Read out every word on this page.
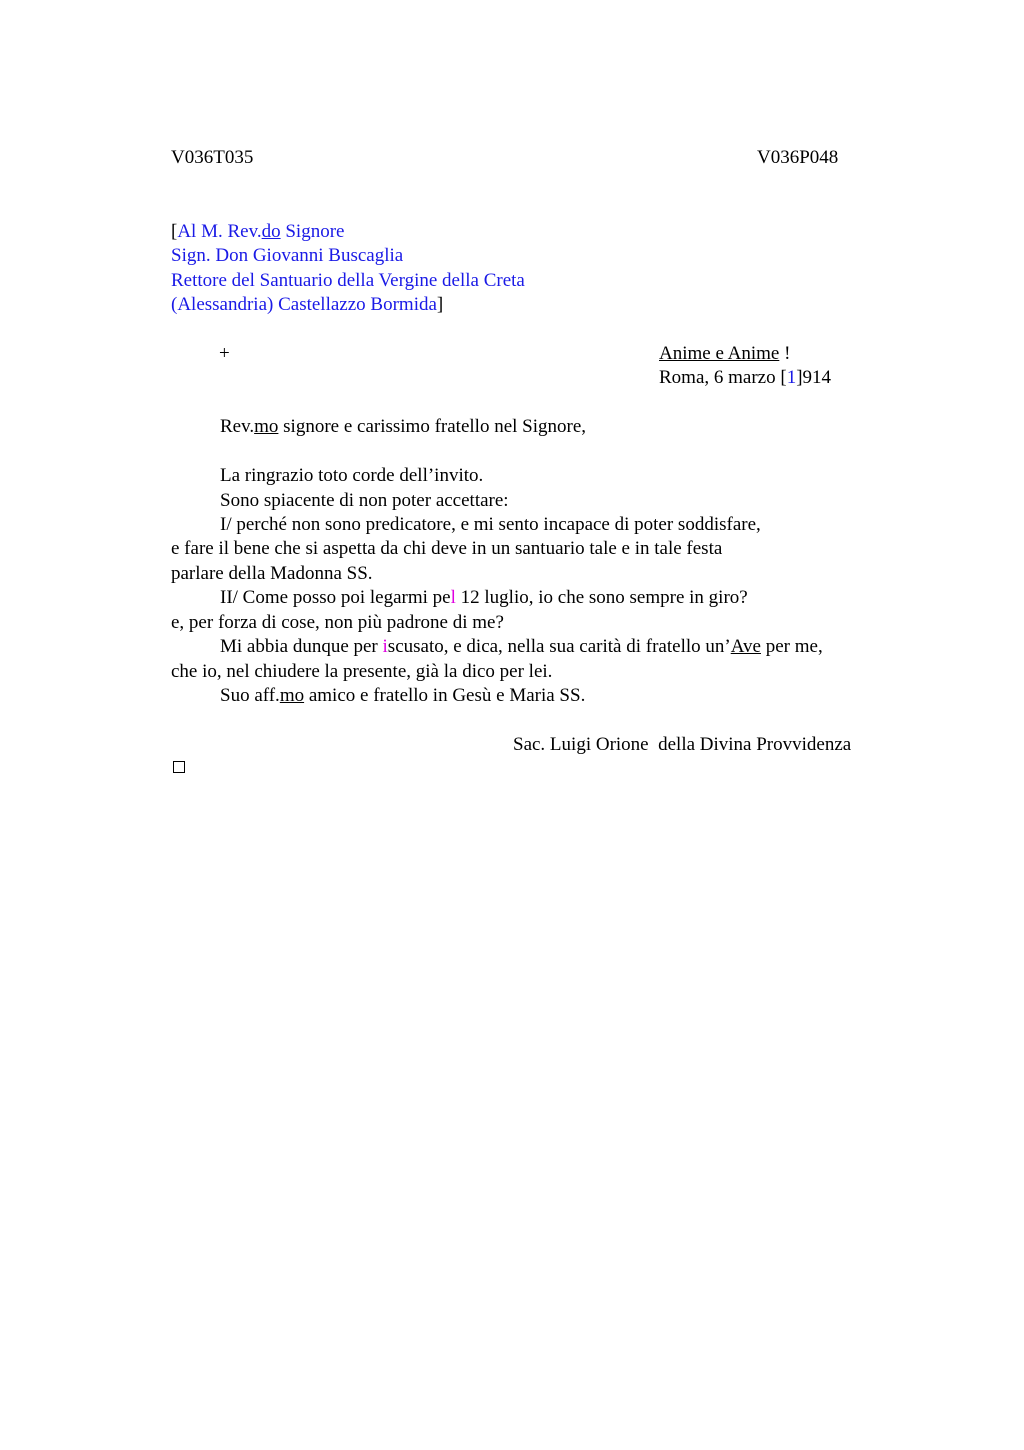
V036T035	V036P048
[Al M. Rev.do Signore
Sign. Don Giovanni Buscaglia
Rettore del Santuario della Vergine della Creta
(Alessandria) Castellazzo Bormida]
+	Anime e Anime !
Roma, 6 marzo [1]914
Rev.mo signore e carissimo fratello nel Signore,
La ringrazio toto corde dell’invito.
Sono spiacente di non poter accettare:
I/ perché non sono predicatore, e mi sento incapace di poter soddisfare,
e fare il bene che si aspetta da chi deve in un santuario tale e in tale festa
parlare della Madonna SS.
II/ Come posso poi legarmi pel 12 luglio, io che sono sempre in giro?
e, per forza di cose, non più padrone di me?
Mi abbia dunque per iscusato, e dica, nella sua carità di fratello un’Ave per me,
che io, nel chiudere la presente, già la dico per lei.
Suo aff.mo amico e fratello in Gesù e Maria SS.
Sac. Luigi Orione  della Divina Provvidenza
